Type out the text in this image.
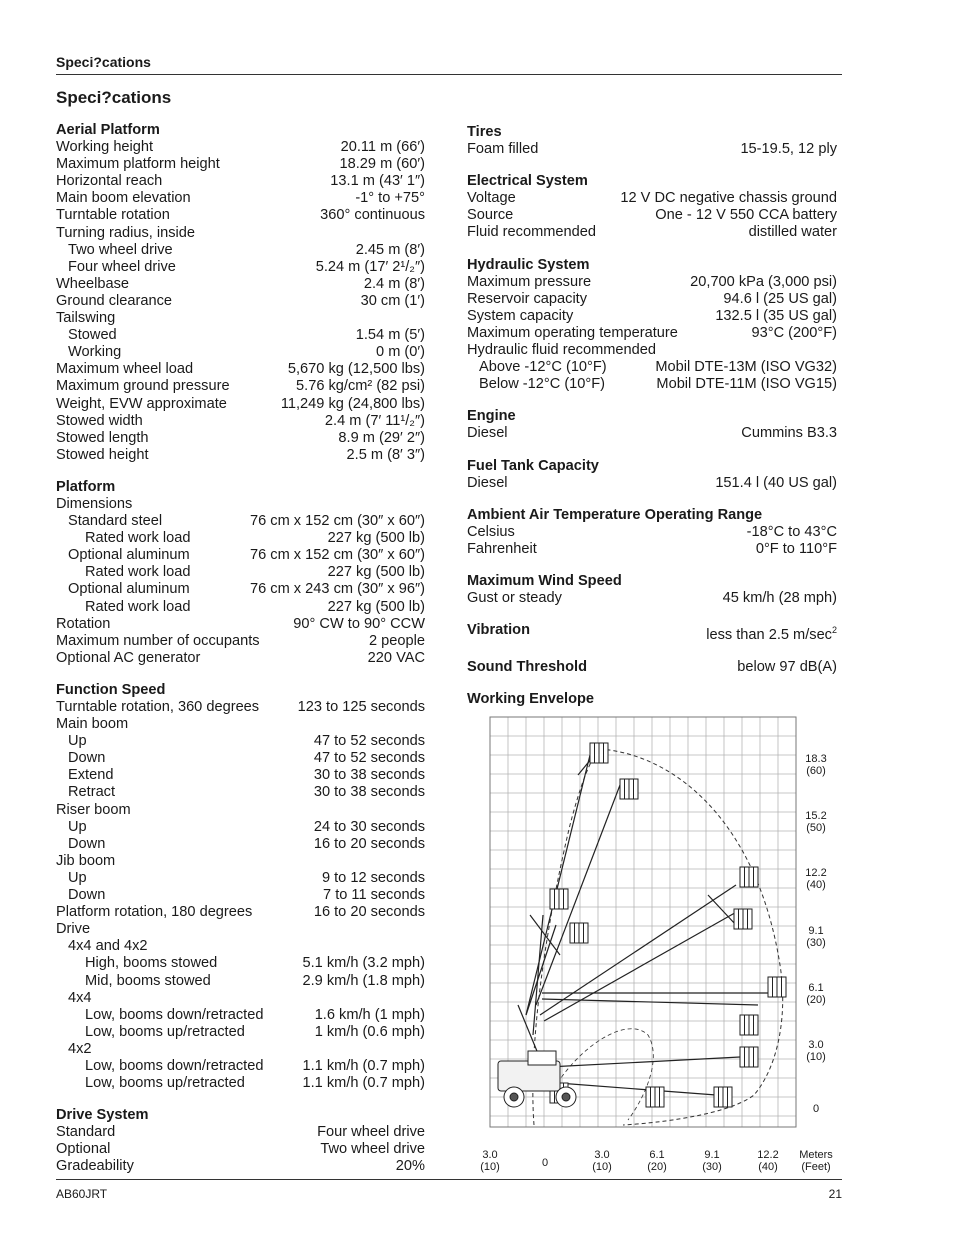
Speci?cations
Speci?cations
Aerial Platform
Working height	20.11 m (66′)
Maximum platform height	18.29 m (60′)
Horizontal reach	13.1 m (43′ 1″)
Main boom elevation	-1° to +75°
Turntable rotation	360° continuous
Turning radius, inside
Two wheel drive	2.45 m (8′)
Four wheel drive	5.24 m (17′ 2¹/₂″)
Wheelbase	2.4 m (8′)
Ground clearance	30 cm (1′)
Tailswing
Stowed	1.54 m (5′)
Working	0 m (0′)
Maximum wheel load	5,670 kg (12,500 lbs)
Maximum ground pressure	5.76 kg/cm² (82 psi)
Weight, EVW approximate	11,249 kg (24,800 lbs)
Stowed width	2.4 m (7′ 11¹/₂″)
Stowed length	8.9 m (29′ 2″)
Stowed height	2.5 m (8′ 3″)
Platform
Dimensions
Standard steel	76 cm x 152 cm (30″ x 60″)
Rated work load	227 kg (500 lb)
Optional aluminum	76 cm x 152 cm (30″ x 60″)
Rated work load	227 kg (500 lb)
Optional aluminum	76 cm x 243 cm (30″ x 96″)
Rated work load	227 kg (500 lb)
Rotation	90° CW to 90° CCW
Maximum number of occupants	2 people
Optional AC generator	220 VAC
Function Speed
Turntable rotation, 360 degrees	123 to 125 seconds
Main boom
Up	47 to 52 seconds
Down	47 to 52 seconds
Extend	30 to 38 seconds
Retract	30 to 38 seconds
Riser boom
Up	24 to 30 seconds
Down	16 to 20 seconds
Jib boom
Up	9 to 12 seconds
Down	7 to 11 seconds
Platform rotation, 180 degrees	16 to 20 seconds
Drive
4x4 and 4x2
High, booms stowed	5.1 km/h (3.2 mph)
Mid, booms stowed	2.9 km/h (1.8 mph)
4x4
Low, booms down/retracted	1.6 km/h (1 mph)
Low, booms up/retracted	1 km/h (0.6 mph)
4x2
Low, booms down/retracted	1.1 km/h (0.7 mph)
Low, booms up/retracted	1.1 km/h (0.7 mph)
Drive System
Standard	Four wheel drive
Optional	Two wheel drive
Gradeability	20%
Tires
Foam filled	15-19.5, 12 ply
Electrical System
Voltage	12 V DC negative chassis ground
Source	One - 12 V 550 CCA battery
Fluid recommended	distilled water
Hydraulic System
Maximum pressure	20,700 kPa (3,000 psi)
Reservoir capacity	94.6 l (25 US gal)
System capacity	132.5 l (35 US gal)
Maximum operating temperature	93°C (200°F)
Hydraulic fluid recommended
Above -12°C (10°F)	Mobil DTE-13M (ISO VG32)
Below -12°C (10°F)	Mobil DTE-11M (ISO VG15)
Engine
Diesel	Cummins B3.3
Fuel Tank Capacity
Diesel	151.4 l (40 US gal)
Ambient Air Temperature Operating Range
Celsius	-18°C to 43°C
Fahrenheit	0°F to 110°F
Maximum Wind Speed
Gust or steady	45 km/h (28 mph)
Vibration	less than 2.5 $m/\sec^2$
Sound Threshold	below 97 dB(A)
Working Envelope
18.3
(60)
15.2
(50)
12.2
(40)
9.1
(30)
6.1
(20)
3.0
(10)
0
3.0
(10)	0
3.0
(10)
6.1
(20)
9.1
(30)
12.2
(40)
Meters
(Feet)
AB60JRT	21
